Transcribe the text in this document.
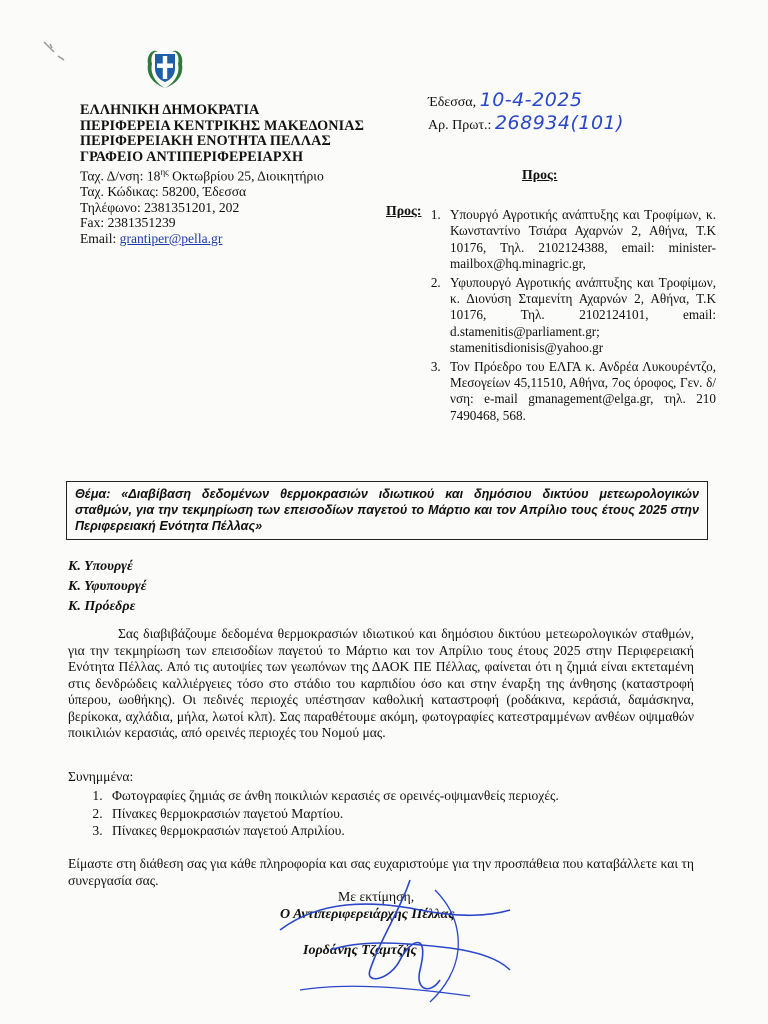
ΕΛΛΗΝΙΚΗ ΔΗΜΟΚΡΑΤΙΑ
ΠΕΡΙΦΕΡΕΙΑ ΚΕΝΤΡΙΚΗΣ ΜΑΚΕΔΟΝΙΑΣ
ΠΕΡΙΦΕΡΕΙΑΚΗ ΕΝΟΤΗΤΑ ΠΕΛΛΑΣ
ΓΡΑΦΕΙΟ ΑΝΤΙΠΕΡΙΦΕΡΕΙΑΡΧΗ
Ταχ. Δ/νση: $18^{\eta\varsigma}$ Οκτωβρίου 25, Διοικητήριο
Ταχ. Κώδικας: 58200, Έδεσσα
Τηλέφωνο: 2381351201, 202
Fax: 2381351239
Email: grantiper@pella.gr
Έδεσσα, 10-4-2025
Αρ. Πρωτ.: 268934(101)
Προς:
Προς:
1.	Υπουργό Αγροτικής ανάπτυξης και Τροφίμων, κ. Κωνσταντίνο Τσιάρα Αχαρνών 2, Αθήνα, Τ.Κ 10176, Τηλ. 2102124388, email: minister-mailbox@hq.minagric.gr,
2. Υφυπουργό Αγροτικής ανάπτυξης και Τροφίμων, κ. Διονύση Σταμενίτη Αχαρνών 2, Αθήνα, Τ.Κ 10176, Τηλ. 2102124101, email: d.stamenitis@parliament.gr; stamenitisdionisis@yahoo.gr
3. Τον Πρόεδρο του ΕΛΓΑ κ. Ανδρέα Λυκουρέντζο, Μεσογείων 45,11510, Αθήνα, 7ος όροφος, Γεν. δ/νση: e-mail gmanagement@elga.gr, τηλ. 210 7490468, 568.
Θέμα: «Διαβίβαση δεδομένων θερμοκρασιών ιδιωτικού και δημόσιου δικτύου μετεωρολογικών σταθμών, για την τεκμηρίωση των επεισοδίων παγετού το Μάρτιο και τον Απρίλιο τους έτους 2025 στην Περιφερειακή Ενότητα Πέλλας»
Κ. Υπουργέ
Κ. Υφυπουργέ
Κ. Πρόεδρε
Σας διαβιβάζουμε δεδομένα θερμοκρασιών ιδιωτικού και δημόσιου δικτύου μετεωρολογικών σταθμών, για την τεκμηρίωση των επεισοδίων παγετού το Μάρτιο και τον Απρίλιο τους έτους 2025 στην Περιφερειακή Ενότητα Πέλλας. Από τις αυτοψίες των γεωπόνων της ΔΑΟΚ ΠΕ Πέλλας, φαίνεται ότι η ζημιά είναι εκτεταμένη στις δενδρώδεις καλλιέργειες τόσο στο στάδιο του καρπιδίου όσο και στην έναρξη της άνθησης (καταστροφή ύπερου, ωοθήκης). Οι πεδινές περιοχές υπέστησαν καθολική καταστροφή (ροδάκινα, κεράσιά, δαμάσκηνα, βερίκοκα, αχλάδια, μήλα, λωτοί κλπ). Σας παραθέτουμε ακόμη, φωτογραφίες κατεστραμμένων ανθέων οψιμαθών ποικιλιών κερασιάς, από ορεινές περιοχές του Νομού μας.
Συνημμένα:
1. Φωτογραφίες ζημιάς σε άνθη ποικιλιών κερασιές σε ορεινές-οψιμανθείς περιοχές.
2. Πίνακες θερμοκρασιών παγετού Μαρτίου.
3. Πίνακες θερμοκρασιών παγετού Απριλίου.
Είμαστε στη διάθεση σας για κάθε πληροφορία και σας ευχαριστούμε για την προσπάθεια που καταβάλλετε και τη συνεργασία σας.
Με εκτίμηση,
Ο Αντιπεριφερειάρχης Πέλλας
Ιορδάνης Τζαμτζής
